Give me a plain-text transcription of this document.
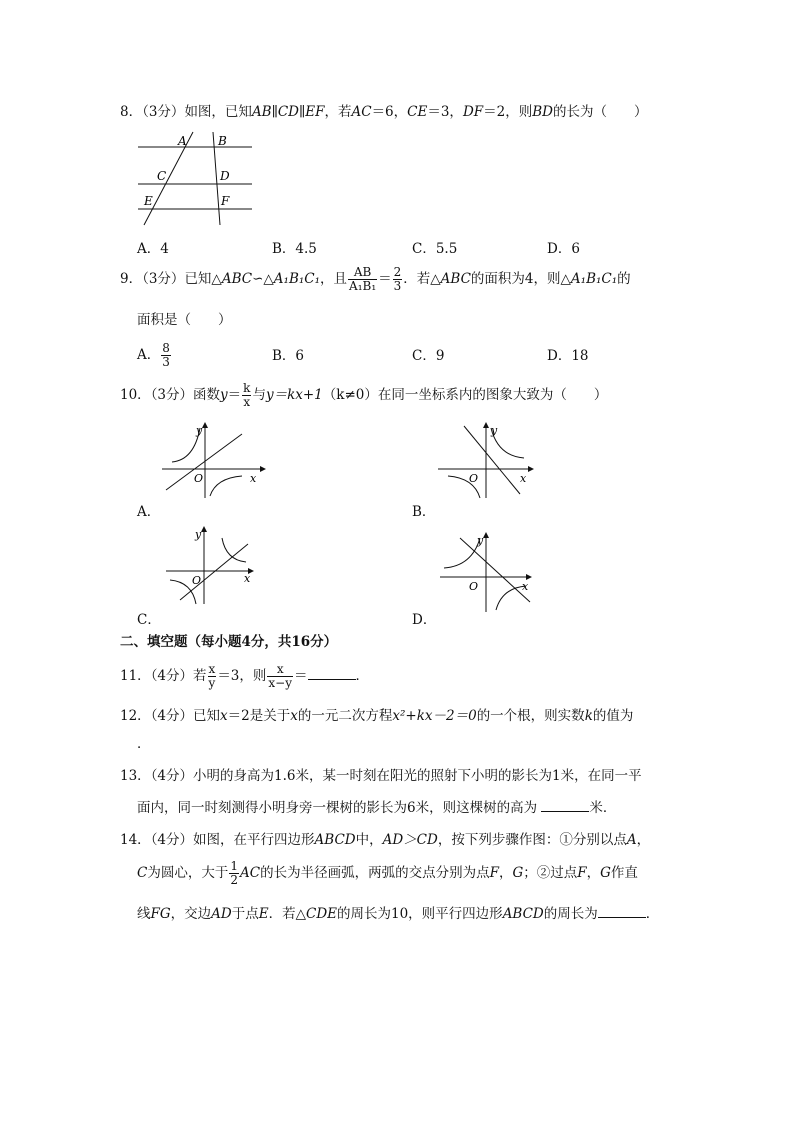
8．（3分）如图，已知AB∥CD∥EF，若AC＝6，CE＝3，DF＝2，则BD的长为（　　）
A	B
C	D
E	F
A．4	B．4.5	C．5.5	D．6
9．（3分）已知△ABC∽△A₁B₁C₁，且 $\frac{AB}{\text{A₁B₁}} = \frac{2}{3}$ ．若△ABC的面积为4，则△A₁B₁C₁的
面积是（　　）
A． $\frac{8}{3}$	B．6	C．9	D．18
10．（3分）函数$y= \frac{k}{x}$ 与y＝kx+1（k≠0）在同一坐标系内的图象大致为（　　）
y
O	x
A．
y
O	x
B．
y
O	x
C．
y
O	x
D．
二、填空题（每小题4分，共16分）
11．（4分）若 $\frac{x}{y} =3$，则 $\frac{x}{x-y}$ ＝	．
12．（4分）已知x＝2是关于x的一元二次方程x²+kx－2＝0的一个根，则实数k的值为
．
13．（4分）小明的身高为1.6米，某一时刻在阳光的照射下小明的影长为1米，在同一平
面内，同一时刻测得小明身旁一棵树的影长为6米，则这棵树的高为	米．
14．（4分）如图，在平行四边形ABCD中，AD＞CD，按下列步骤作图：①分别以点A，
C为圆心，大于 $\frac{1}{2}$ AC的长为半径画弧，两弧的交点分别为点F，G；②过点F，G作直
线FG，交边AD于点E．若△CDE的周长为10，则平行四边形ABCD的周长为	．
